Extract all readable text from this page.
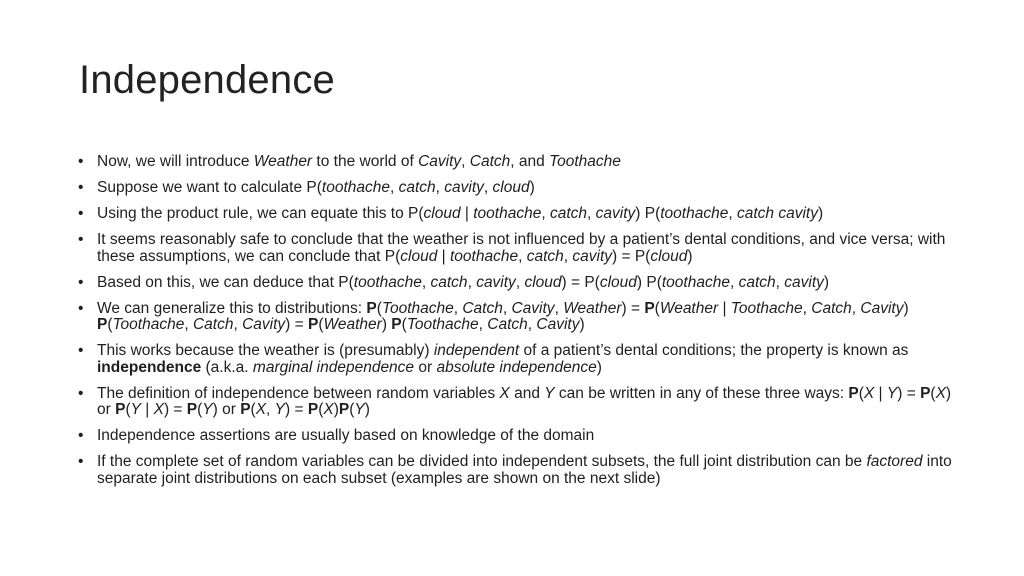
Independence
• Now, we will introduce Weather to the world of Cavity, Catch, and Toothache
• Suppose we want to calculate P(toothache, catch, cavity, cloud)
• Using the product rule, we can equate this to P(cloud | toothache, catch, cavity) P(toothache, catch cavity)
• It seems reasonably safe to conclude that the weather is not influenced by a patient’s dental conditions, and vice versa; with these assumptions, we can conclude that P(cloud | toothache, catch, cavity) = P(cloud)
• Based on this, we can deduce that P(toothache, catch, cavity, cloud) = P(cloud) P(toothache, catch, cavity)
• We can generalize this to distributions: P(Toothache, Catch, Cavity, Weather) = P(Weather | Toothache, Catch, Cavity) P(Toothache, Catch, Cavity) = P(Weather) P(Toothache, Catch, Cavity)
• This works because the weather is (presumably) independent of a patient’s dental conditions; the property is known as independence (a.k.a. marginal independence or absolute independence)
• The definition of independence between random variables X and Y can be written in any of these three ways: P(X | Y) = P(X) or P(Y | X) = P(Y) or P(X, Y) = P(X)P(Y)
• Independence assertions are usually based on knowledge of the domain
• If the complete set of random variables can be divided into independent subsets, the full joint distribution can be factored into separate joint distributions on each subset (examples are shown on the next slide)
